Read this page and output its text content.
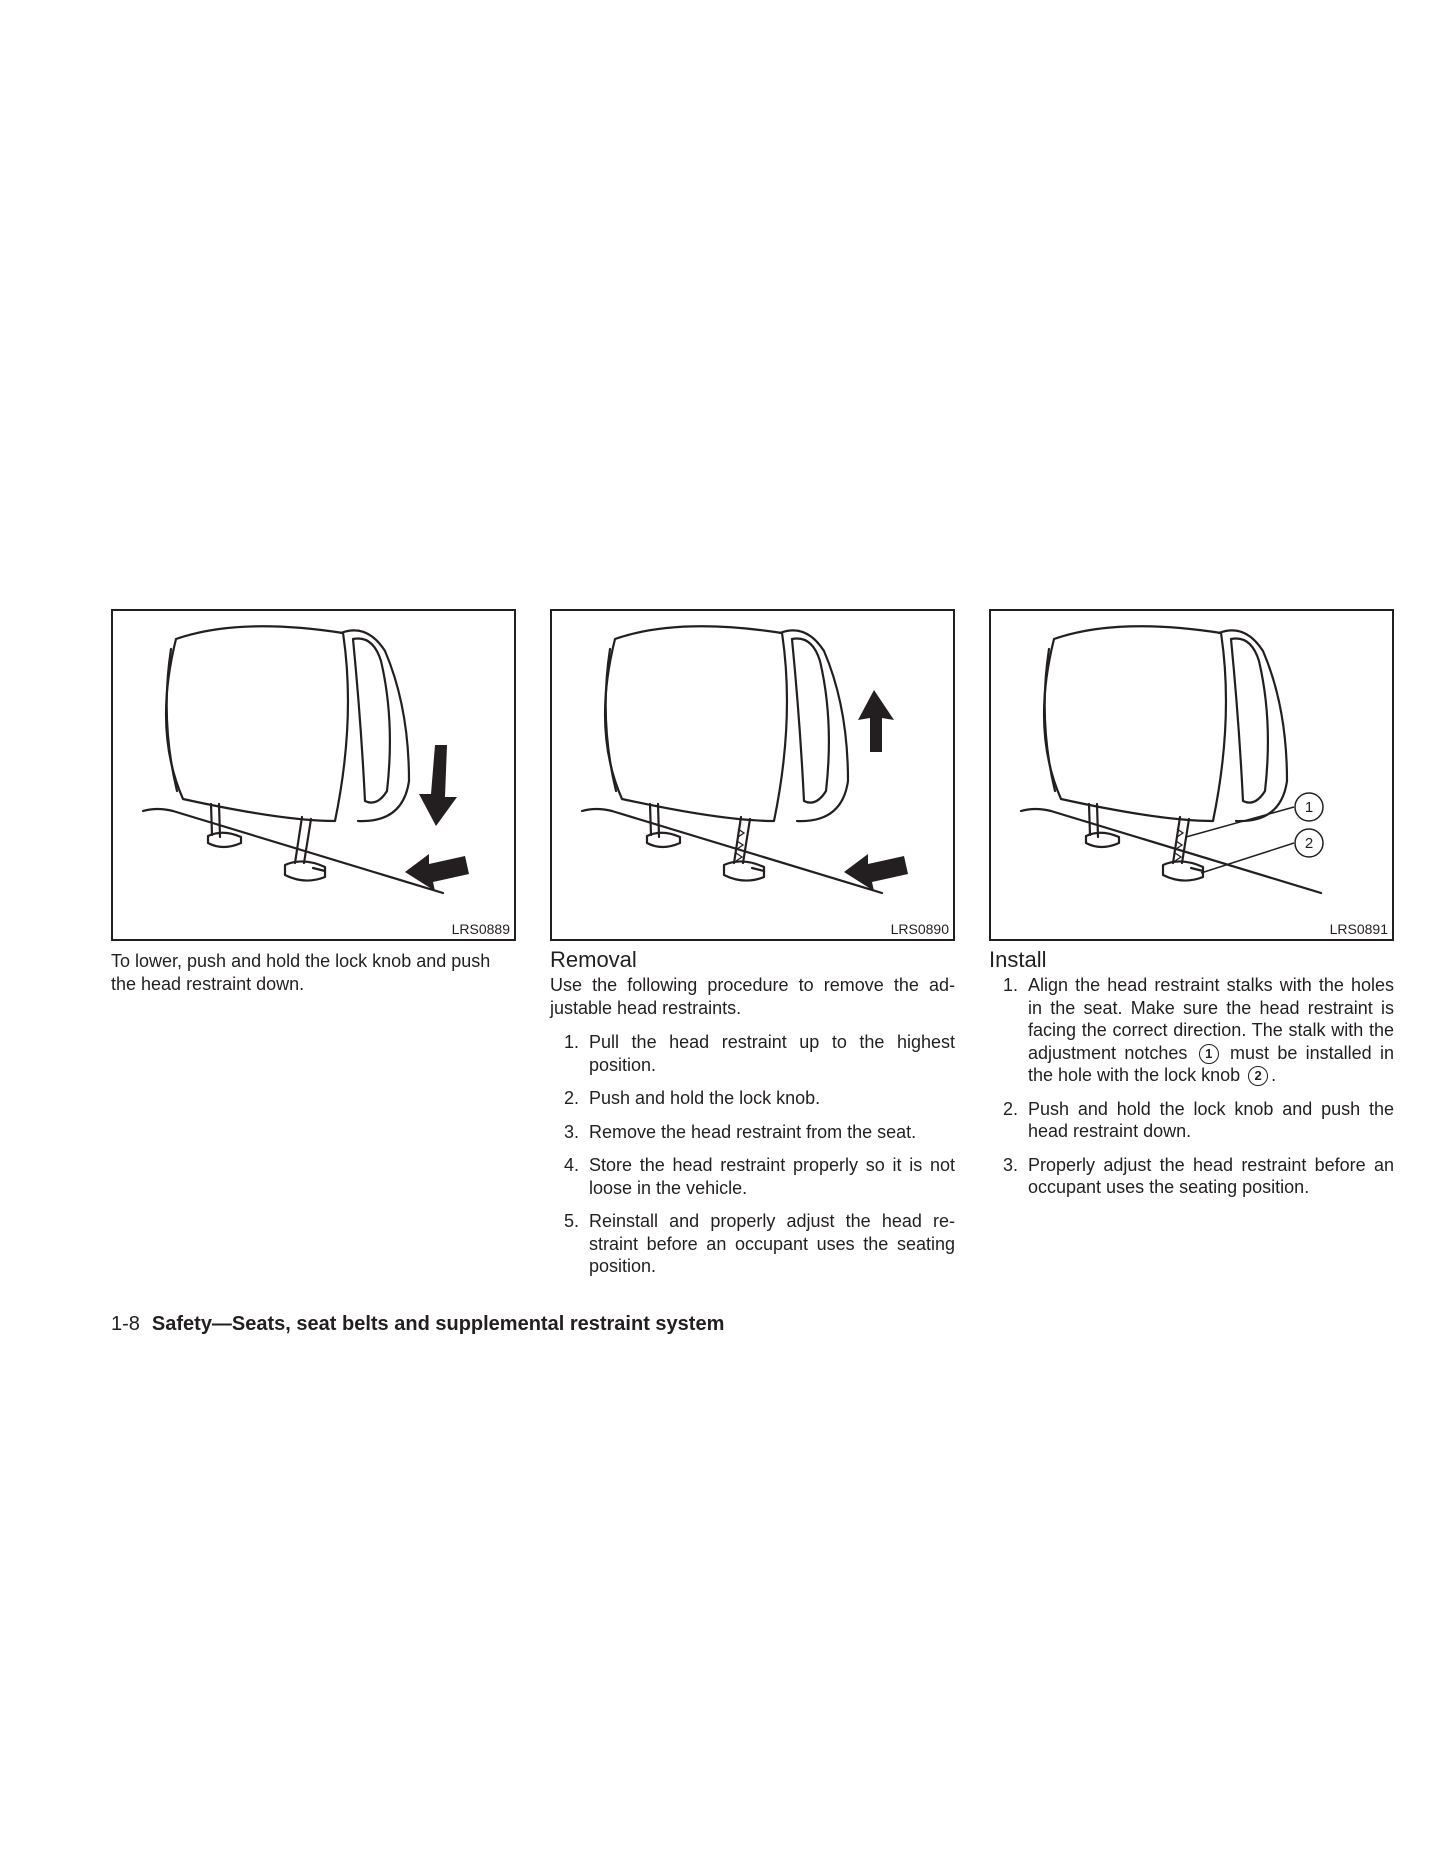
LRS0889	LRS0890
1
2
LRS0891

To lower, push and hold the lock knob and push the head restraint down.

Removal

Use the following procedure to remove the ad-justable head restraints.

1. Pull the head restraint up to the highest position.
2. Push and hold the lock knob.
3. Remove the head restraint from the seat.
4. Store the head restraint properly so it is not loose in the vehicle.
5. Reinstall and properly adjust the head re-straint before an occupant uses the seating position.

Install

1. Align the head restraint stalks with the holes in the seat. Make sure the head restraint is facing the correct direction. The stalk with the adjustment notches 1 must be installed in the hole with the lock knob 2 .
2. Push and hold the lock knob and push the head restraint down.
3. Properly adjust the head restraint before an occupant uses the seating position.
1-8 Safety—Seats, seat belts and supplemental restraint system
